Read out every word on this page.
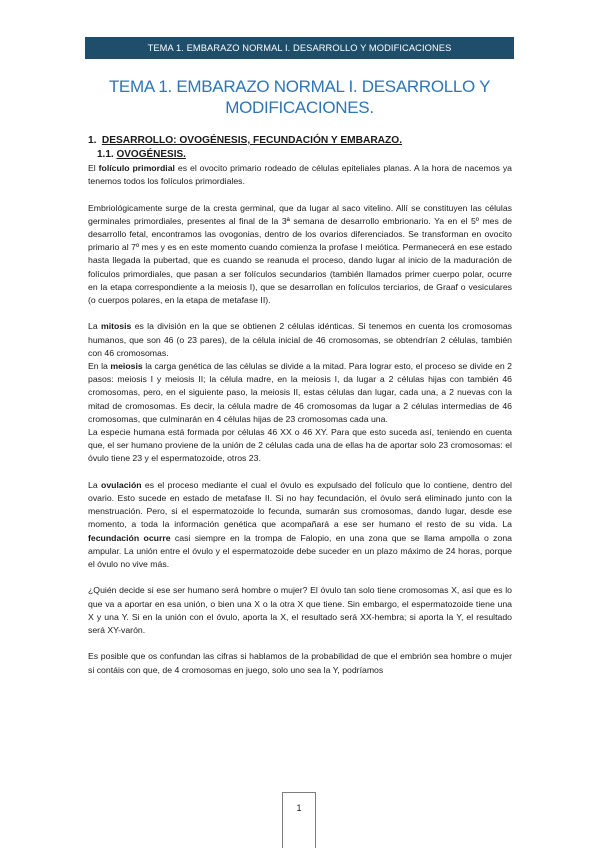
TEMA 1. EMBARAZO NORMAL I. DESARROLLO Y MODIFICACIONES
TEMA 1. EMBARAZO NORMAL I. DESARROLLO Y
MODIFICACIONES.
1. DESARROLLO: OVOGÉNESIS, FECUNDACIÓN Y EMBARAZO.
1.1. OVOGÉNESIS.

El folículo primordial es el ovocito primario rodeado de células epiteliales planas. A la hora de nacemos ya tenemos todos los folículos primordiales.

Embriológicamente surge de la cresta germinal, que da lugar al saco vitelino. Allí se constituyen las células germinales primordiales, presentes al final de la 3ª semana de desarrollo embrionario. Ya en el 5º mes de desarrollo fetal, encontramos las ovogonias, dentro de los ovarios diferenciados. Se transforman en ovocito primario al 7º mes y es en este momento cuando comienza la profase I meiótica. Permanecerá en ese estado hasta llegada la pubertad, que es cuando se reanuda el proceso, dando lugar al inicio de la maduración de folículos primordiales, que pasan a ser folículos secundarios (también llamados primer cuerpo polar, ocurre en la etapa correspondiente a la meiosis I), que se desarrollan en folículos terciarios, de Graaf o vesiculares (o cuerpos polares, en la etapa de metafase II).

La mitosis es la división en la que se obtienen 2 células idénticas. Si tenemos en cuenta los cromosomas humanos, que son 46 (o 23 pares), de la célula inicial de 46 cromosomas, se obtendrían 2 células, también con 46 cromosomas.

En la meiosis la carga genética de las células se divide a la mitad. Para lograr esto, el proceso se divide en 2 pasos: meiosis I y meiosis II; la célula madre, en la meiosis I, da lugar a 2 células hijas con también 46 cromosomas, pero, en el siguiente paso, la meiosis II, estas células dan lugar, cada una, a 2 nuevas con la mitad de cromosomas. Es decir, la célula madre de 46 cromosomas da lugar a 2 células intermedias de 46 cromosomas, que culminarán en 4 células hijas de 23 cromosomas cada una.

La especie humana está formada por células 46 XX o 46 XY. Para que esto suceda así, teniendo en cuenta que, el ser humano proviene de la unión de 2 células cada una de ellas ha de aportar solo 23 cromosomas: el óvulo tiene 23 y el espermatozoide, otros 23.

La ovulación es el proceso mediante el cual el óvulo es expulsado del folículo que lo contiene, dentro del ovario. Esto sucede en estado de metafase II. Si no hay fecundación, el óvulo será eliminado junto con la menstruación. Pero, si el espermatozoide lo fecunda, sumarán sus cromosomas, dando lugar, desde ese momento, a toda la información genética que acompañará a ese ser humano el resto de su vida. La fecundación ocurre casi siempre en la trompa de Falopio, en una zona que se llama ampolla o zona ampular. La unión entre el óvulo y el espermatozoide debe suceder en un plazo máximo de 24 horas, porque el óvulo no vive más.

¿Quién decide si ese ser humano será hombre o mujer? El óvulo tan solo tiene cromosomas X, así que es lo que va a aportar en esa unión, o bien una X o la otra X que tiene. Sin embargo, el espermatozoide tiene una X y una Y. Si en la unión con el óvulo, aporta la X, el resultado será XX-hembra; si aporta la Y, el resultado será XY-varón.

Es posible que os confundan las cifras si hablamos de la probabilidad de que el embrión sea hombre o mujer si contáis con que, de 4 cromosomas en juego, solo uno sea la Y, podríamos

1
